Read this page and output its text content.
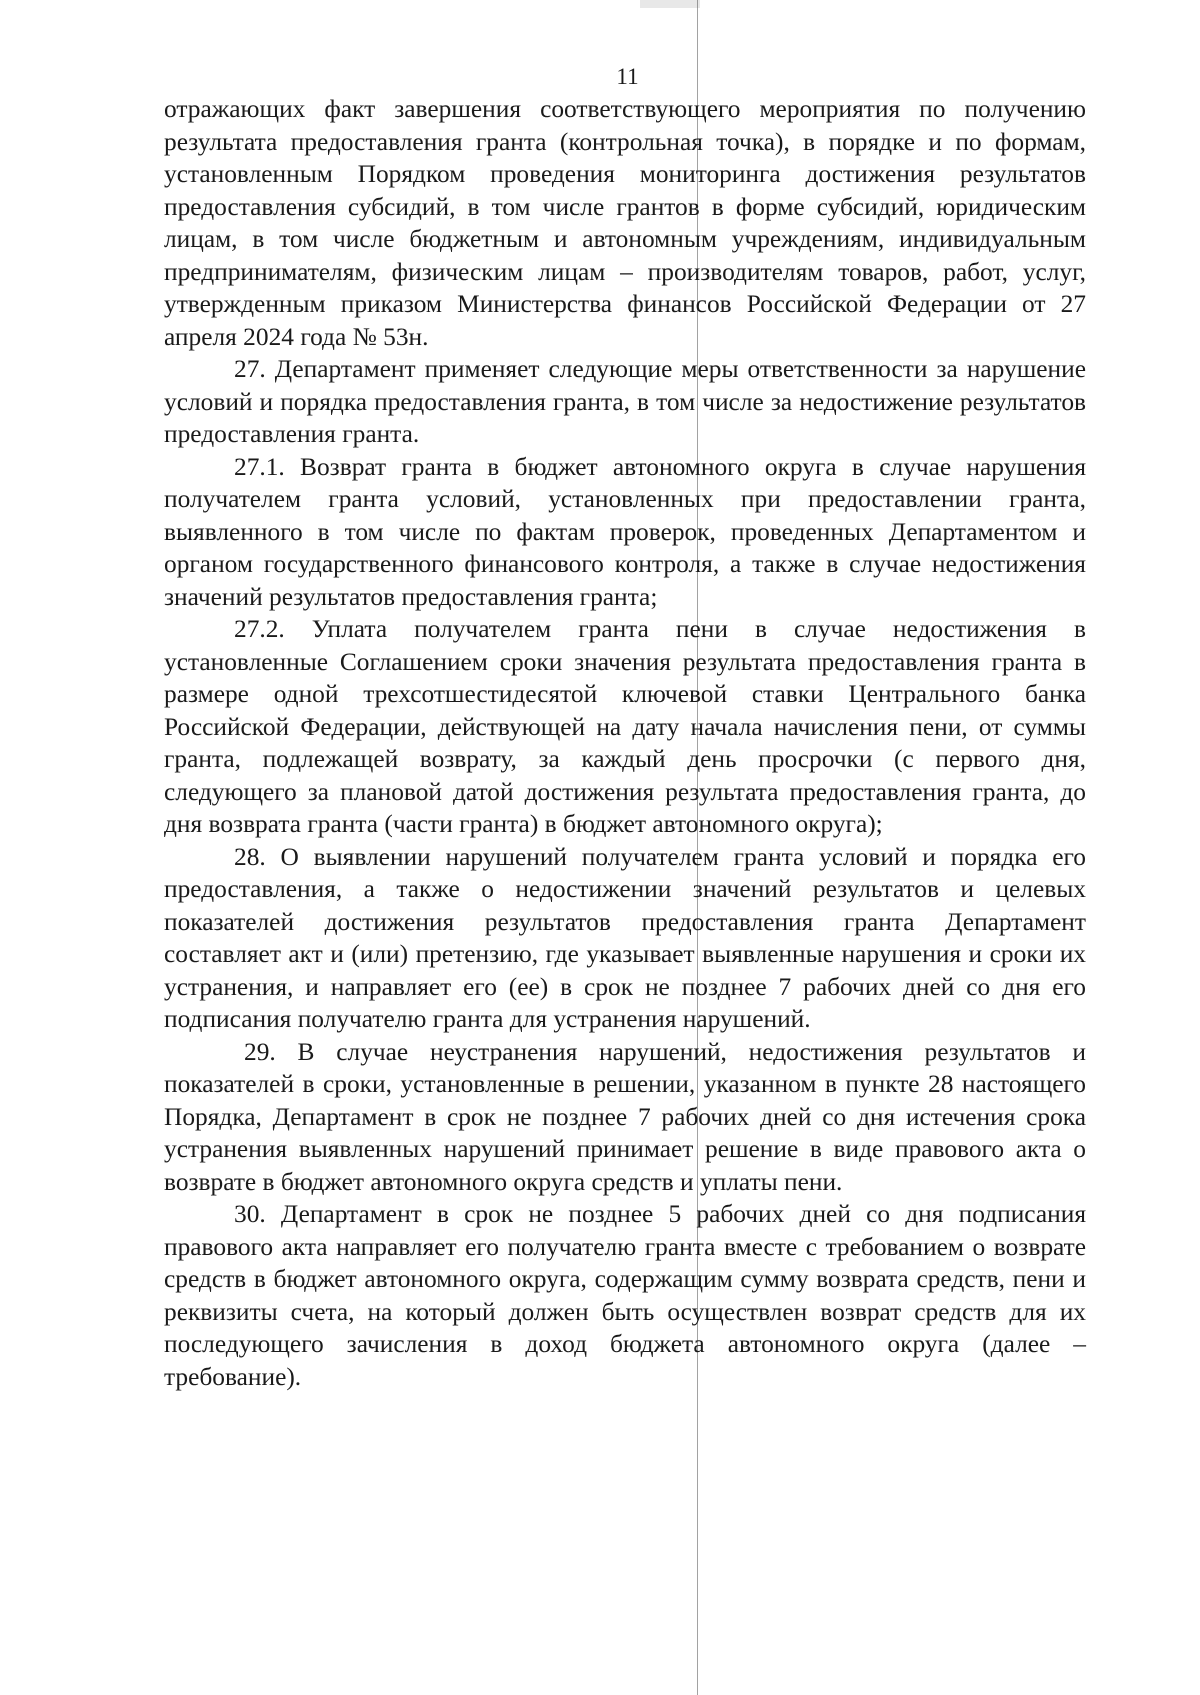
11

отражающих факт завершения соответствующего мероприятия по получению результата предоставления гранта (контрольная точка), в порядке и по формам, установленным Порядком проведения мониторинга достижения результатов предоставления субсидий, в том числе грантов в форме субсидий, юридическим лицам, в том числе бюджетным и автономным учреждениям, индивидуальным предпринимателям, физическим лицам – производителям товаров, работ, услуг, утвержденным приказом Министерства финансов Российской Федерации от 27 апреля 2024 года № 53н.

27. Департамент применяет следующие меры ответственности за нарушение условий и порядка предоставления гранта, в том числе за недостижение результатов предоставления гранта.

27.1. Возврат гранта в бюджет автономного округа в случае нарушения получателем гранта условий, установленных при предоставлении гранта, выявленного в том числе по фактам проверок, проведенных Департаментом и органом государственного финансового контроля, а также в случае недостижения значений результатов предоставления гранта;

27.2. Уплата получателем гранта пени в случае недостижения в установленные Соглашением сроки значения результата предоставления гранта в размере одной трехсотшестидесятой ключевой ставки Центрального банка Российской Федерации, действующей на дату начала начисления пени, от суммы гранта, подлежащей возврату, за каждый день просрочки (с первого дня, следующего за плановой датой достижения результата предоставления гранта, до дня возврата гранта (части гранта) в бюджет автономного округа);

28. О выявлении нарушений получателем гранта условий и порядка его предоставления, а также о недостижении значений результатов и целевых показателей достижения результатов предоставления гранта Департамент составляет акт и (или) претензию, где указывает выявленные нарушения и сроки их устранения, и направляет его (ее) в срок не позднее 7 рабочих дней со дня его подписания получателю гранта для устранения нарушений.

29. В случае неустранения нарушений, недостижения результатов и показателей в сроки, установленные в решении, указанном в пункте 28 настоящего Порядка, Департамент в срок не позднее 7 рабочих дней со дня истечения срока устранения выявленных нарушений принимает решение в виде правового акта о возврате в бюджет автономного округа средств и уплаты пени.

30. Департамент в срок не позднее 5 рабочих дней со дня подписания правового акта направляет его получателю гранта вместе с требованием о возврате средств в бюджет автономного округа, содержащим сумму возврата средств, пени и реквизиты счета, на который должен быть осуществлен возврат средств для их последующего зачисления в доход бюджета автономного округа (далее – требование).
